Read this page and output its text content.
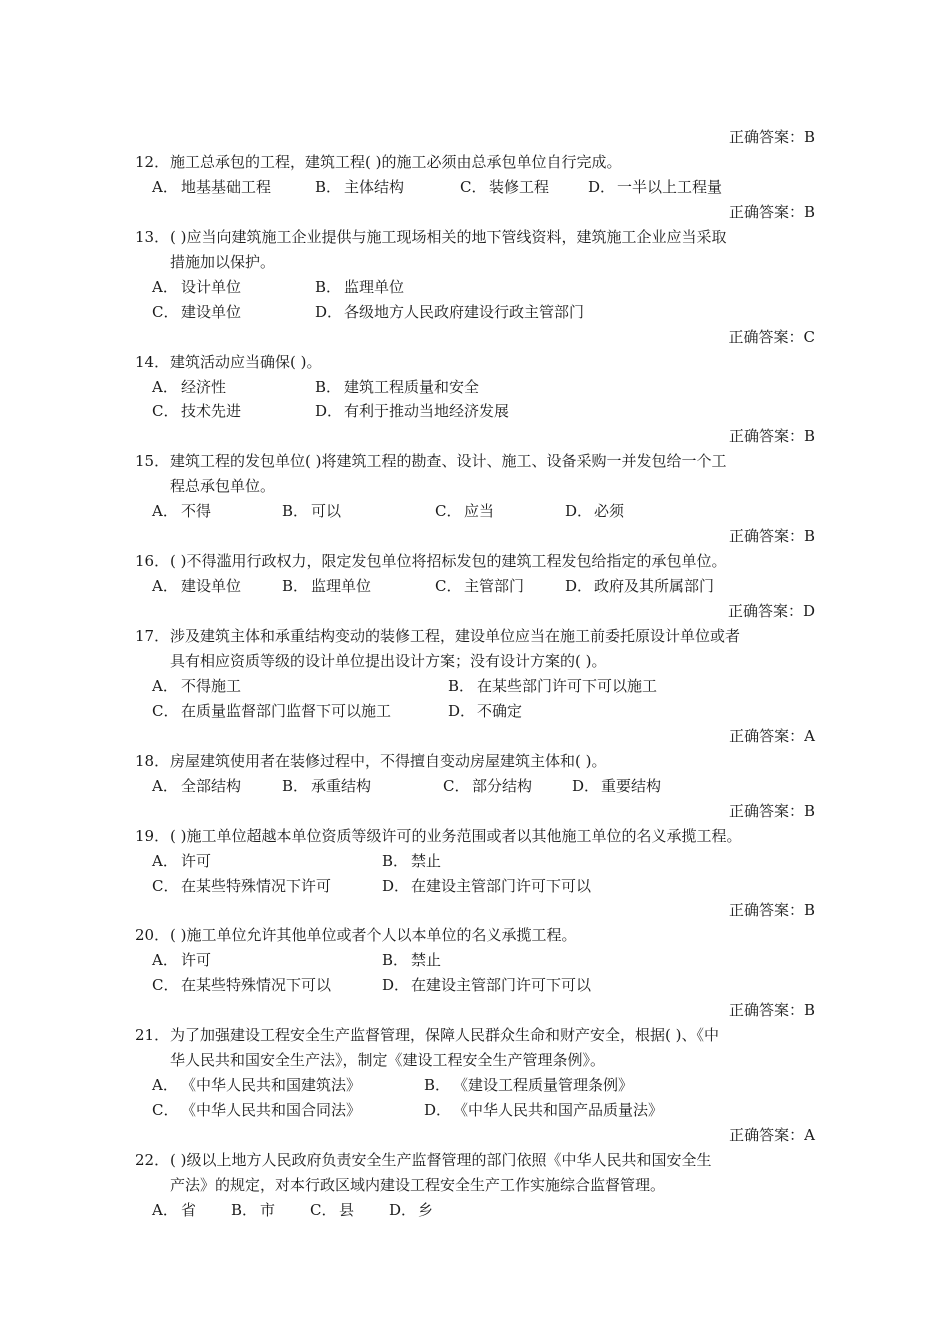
正确答案：B
12． 施工总承包的工程，建筑工程( )的施工必须由总承包单位自行完成。
A． 地基基础工程	B． 主体结构	C． 装修工程	D． 一半以上工程量
正确答案：B
13． ( )应当向建筑施工企业提供与施工现场相关的地下管线资料，建筑施工企业应当采取
措施加以保护。
A． 设计单位	B． 监理单位
C． 建设单位	D． 各级地方人民政府建设行政主管部门
正确答案：C
14． 建筑活动应当确保( )。
A． 经济性	B． 建筑工程质量和安全
C． 技术先进	D． 有利于推动当地经济发展
正确答案：B
15． 建筑工程的发包单位( )将建筑工程的勘查、设计、施工、设备采购一并发包给一个工
程总承包单位。
A． 不得	B． 可以	C． 应当	D． 必须
正确答案：B
16． ( )不得滥用行政权力，限定发包单位将招标发包的建筑工程发包给指定的承包单位。
A． 建设单位	B． 监理单位	C． 主管部门	D． 政府及其所属部门
正确答案：D
17． 涉及建筑主体和承重结构变动的装修工程，建设单位应当在施工前委托原设计单位或者
具有相应资质等级的设计单位提出设计方案；没有设计方案的( )。
A． 不得施工	B． 在某些部门许可下可以施工
C． 在质量监督部门监督下可以施工	D． 不确定
正确答案：A
18． 房屋建筑使用者在装修过程中，不得擅自变动房屋建筑主体和( )。
A． 全部结构	B． 承重结构	C． 部分结构	D． 重要结构
正确答案：B
19． ( )施工单位超越本单位资质等级许可的业务范围或者以其他施工单位的名义承揽工程。
A． 许可	B． 禁止
C． 在某些特殊情况下许可	D． 在建设主管部门许可下可以
正确答案：B
20． ( )施工单位允许其他单位或者个人以本单位的名义承揽工程。
A． 许可	B． 禁止
C． 在某些特殊情况下可以	D． 在建设主管部门许可下可以
正确答案：B
21． 为了加强建设工程安全生产监督管理，保障人民群众生命和财产安全，根据( )、《中
华人民共和国安全生产法》，制定《建设工程安全生产管理条例》。
A． 《中华人民共和国建筑法》	B． 《建设工程质量管理条例》
C． 《中华人民共和国合同法》	D． 《中华人民共和国产品质量法》
正确答案：A
22． ( )级以上地方人民政府负责安全生产监督管理的部门依照《中华人民共和国安全生
产法》的规定，对本行政区域内建设工程安全生产工作实施综合监督管理。
A． 省 B． 市 C． 县 D． 乡
